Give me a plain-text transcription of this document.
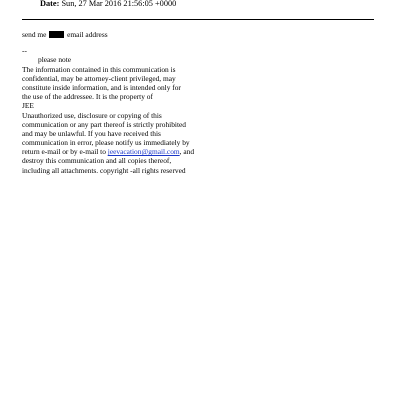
Date: Sun, 27 Mar 2016 21:56:05 +0000
send me	email address
--
please note
The information contained in this communication is
confidential, may be attorney-client privileged, may
constitute inside information, and is intended only for
the use of the addressee. It is the property of
JEE
Unauthorized use, disclosure or copying of this
communication or any part thereof is strictly prohibited
and may be unlawful. If you have received this
communication in error, please notify us immediately by
return e-mail or by e-mail to jeevacation@gmail.com, and
destroy this communication and all copies thereof,
including all attachments. copyright -all rights reserved
